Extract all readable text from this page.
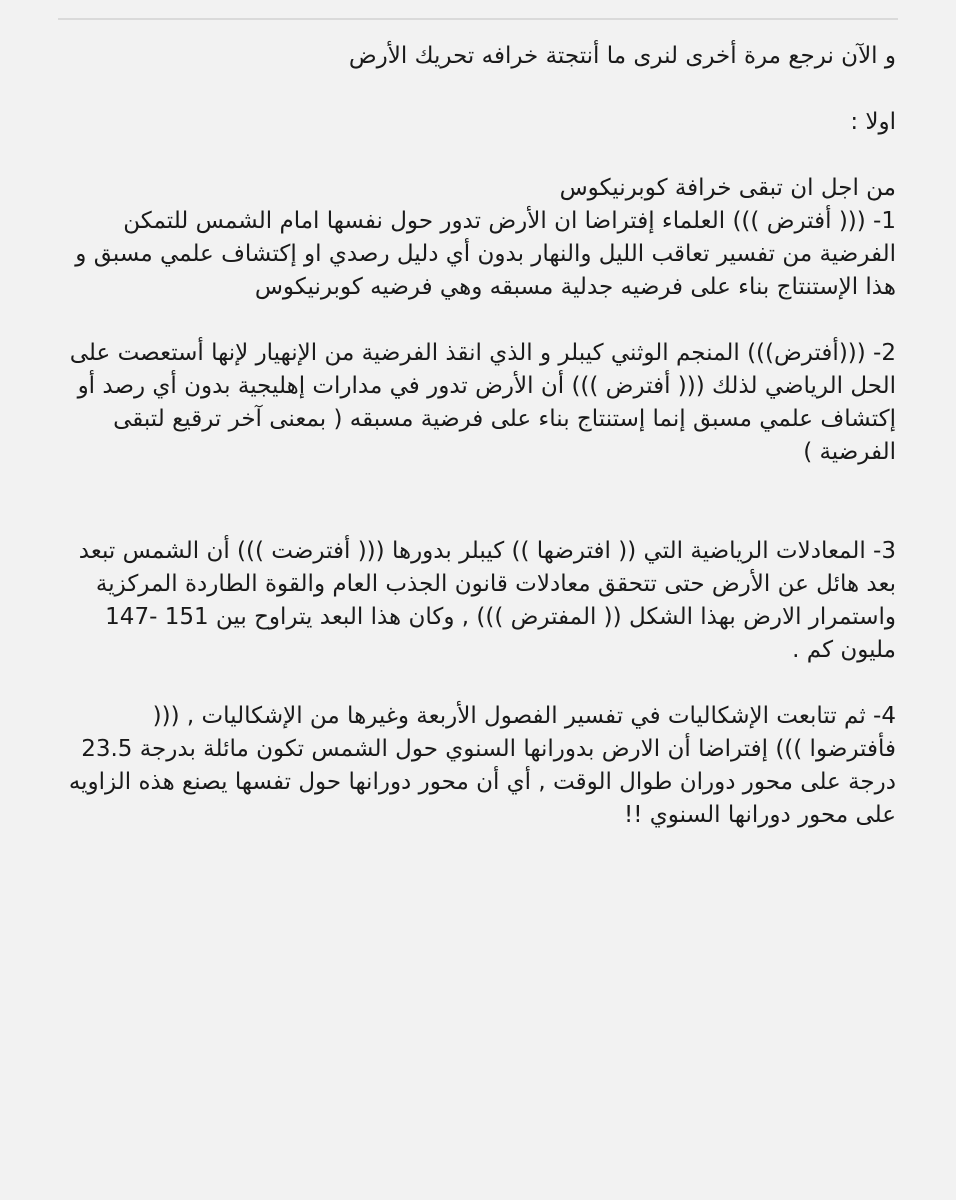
و الآن نرجع مرة أخرى لنرى ما أنتجتة خرافه تحريك الأرض

اولا :

من اجل ان تبقى خرافة كوبرنيكوس

1- ((( أفترض ))) العلماء إفتراضا ان الأرض تدور حول نفسها امام الشمس للتمكن الفرضية من تفسير تعاقب الليل والنهار بدون أي دليل رصدي او إكتشاف علمي مسبق و هذا الإستنتاج بناء على فرضيه جدلية مسبقه وهي فرضيه كوبرنيكوس

2- (((أفترض))) المنجم الوثني كيبلر و الذي انقذ الفرضية من الإنهيار لإنها أستعصت على الحل الرياضي لذلك ((( أفترض ))) أن الأرض تدور في مدارات إهليجية بدون أي رصد أو إكتشاف علمي مسبق إنما إستنتاج بناء على فرضية مسبقه ( بمعنى آخر ترقيع لتبقى الفرضية )

3- المعادلات الرياضية التي (( افترضها )) كيبلر بدورها ((( أفترضت ))) أن الشمس تبعد بعد هائل عن الأرض حتى تتحقق معادلات قانون الجذب العام والقوة الطاردة المركزية واستمرار الارض بهذا الشكل (( المفترض ))) , وكان هذا البعد يتراوح بين 151 -147 مليون كم .

4- ثم تتابعت الإشكاليات في تفسير الفصول الأربعة وغيرها من الإشكاليات , ((( فأفترضوا ))) إفتراضا أن الارض بدورانها السنوي حول الشمس تكون مائلة بدرجة 23.5 درجة على محور دوران طوال الوقت , أي أن محور دورانها حول تفسها يصنع هذه الزاويه على محور دورانها السنوي !!
